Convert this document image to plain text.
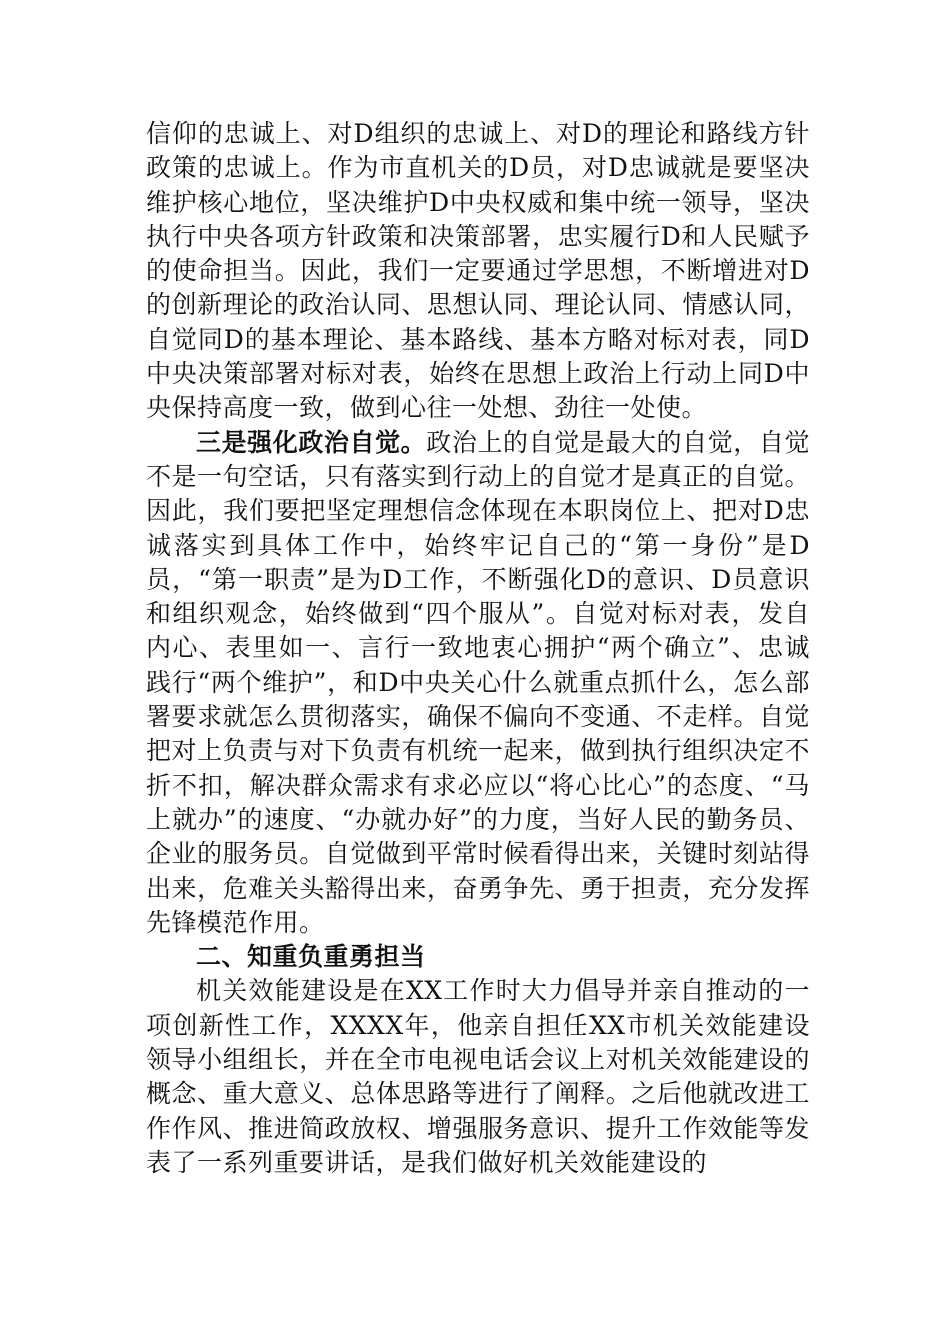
信仰的忠诚上、对D组织的忠诚上、对D的理论和路线方针政策的忠诚上。作为市直机关的D员，对D忠诚就是要坚决维护核心地位，坚决维护D中央权威和集中统一领导，坚决执行中央各项方针政策和决策部署，忠实履行D和人民赋予的使命担当。因此，我们一定要通过学思想，不断增进对D的创新理论的政治认同、思想认同、理论认同、情感认同，自觉同D的基本理论、基本路线、基本方略对标对表，同D中央决策部署对标对表，始终在思想上政治上行动上同D中央保持高度一致，做到心往一处想、劲往一处使。

三是强化政治自觉。政治上的自觉是最大的自觉，自觉不是一句空话，只有落实到行动上的自觉才是真正的自觉。因此，我们要把坚定理想信念体现在本职岗位上、把对D忠诚落实到具体工作中，始终牢记自己的“第一身份”是D员，“第一职责”是为D工作，不断强化D的意识、D员意识和组织观念，始终做到“四个服从”。自觉对标对表，发自内心、表里如一、言行一致地衷心拥护“两个确立”、忠诚践行“两个维护”，和D中央关心什么就重点抓什么，怎么部署要求就怎么贯彻落实，确保不偏向不变通、不走样。自觉把对上负责与对下负责有机统一起来，做到执行组织决定不折不扣，解决群众需求有求必应以“将心比心”的态度、“马上就办”的速度、“办就办好”的力度，当好人民的勤务员、企业的服务员。自觉做到平常时候看得出来，关键时刻站得出来，危难关头豁得出来，奋勇争先、勇于担责，充分发挥先锋模范作用。

二、知重负重勇担当

机关效能建设是在XX工作时大力倡导并亲自推动的一项创新性工作，XXXX年，他亲自担任XX市机关效能建设领导小组组长，并在全市电视电话会议上对机关效能建设的概念、重大意义、总体思路等进行了阐释。之后他就改进工作作风、推进简政放权、增强服务意识、提升工作效能等发表了一系列重要讲话，是我们做好机关效能建设的
